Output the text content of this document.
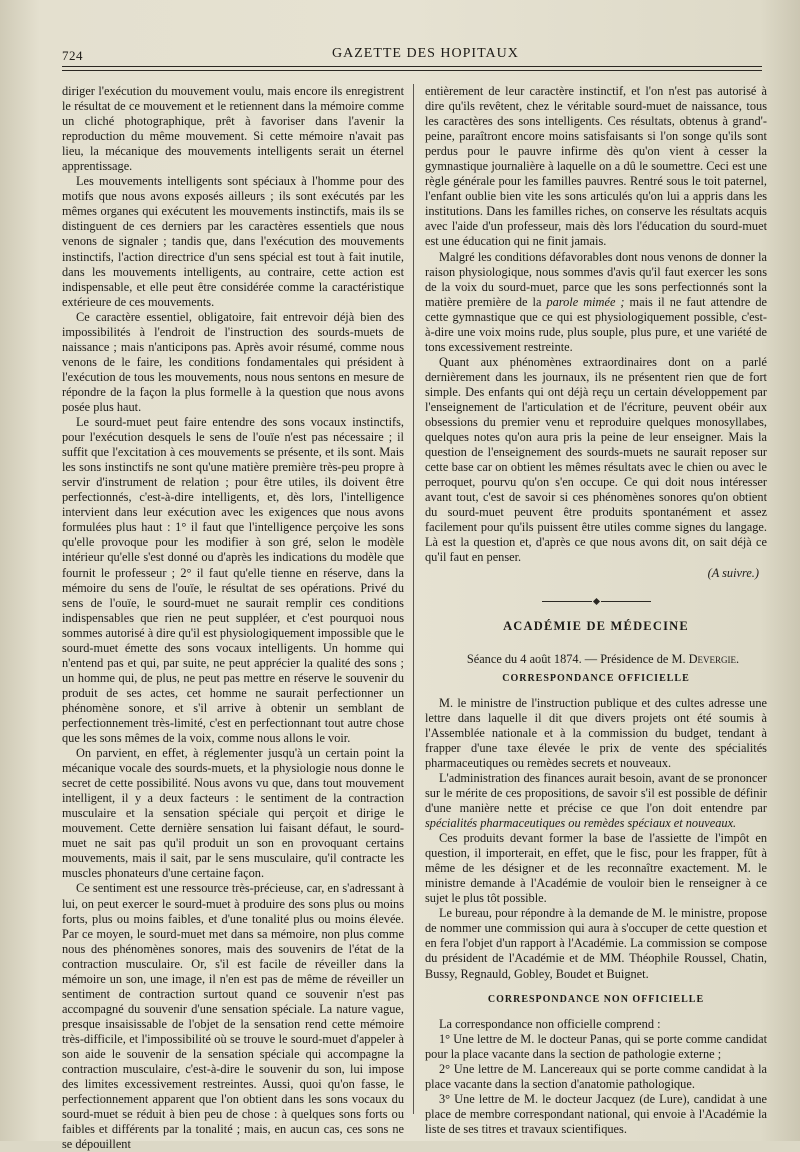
724	GAZETTE DES HOPITAUX

diriger l'exécution du mouvement voulu, mais encore ils enregistrent le résultat de ce mouvement et le retiennent dans la mémoire comme un cliché photographique, prêt à favoriser dans l'avenir la reproduction du même mouvement. Si cette mémoire n'avait pas lieu, la mécanique des mouvements intelligents serait un éternel apprentissage.

Les mouvements intelligents sont spéciaux à l'homme pour des motifs que nous avons exposés ailleurs ; ils sont exécutés par les mêmes organes qui exécutent les mouvements instinctifs, mais ils se distinguent de ces derniers par les caractères essentiels que nous venons de signaler ; tandis que, dans l'exécution des mouvements instinctifs, l'action directrice d'un sens spécial est tout à fait inutile, dans les mouvements intelligents, au contraire, cette action est indispensable, et elle peut être considérée comme la caractéristique extérieure de ces mouvements.

Ce caractère essentiel, obligatoire, fait entrevoir déjà bien des impossibilités à l'endroit de l'instruction des sourds-muets de naissance ; mais n'anticipons pas. Après avoir résumé, comme nous venons de le faire, les conditions fondamentales qui président à l'exécution de tous les mouvements, nous nous sentons en mesure de répondre de la façon la plus formelle à la question que nous avons posée plus haut.

Le sourd-muet peut faire entendre des sons vocaux instinctifs, pour l'exécution desquels le sens de l'ouïe n'est pas nécessaire ; il suffit que l'excitation à ces mouvements se présente, et ils sont. Mais les sons instinctifs ne sont qu'une matière première très-peu propre à servir d'instrument de relation ; pour être utiles, ils doivent être perfectionnés, c'est-à-dire intelligents, et, dès lors, l'intelligence intervient dans leur exécution avec les exigences que nous avons formulées plus haut : 1° il faut que l'intelligence perçoive les sons qu'elle provoque pour les modifier à son gré, selon le modèle intérieur qu'elle s'est donné ou d'après les indications du modèle que fournit le professeur ; 2° il faut qu'elle tienne en réserve, dans la mémoire du sens de l'ouïe, le résultat de ses opérations. Privé du sens de l'ouïe, le sourd-muet ne saurait remplir ces conditions indispensables que rien ne peut suppléer, et c'est pourquoi nous sommes autorisé à dire qu'il est physiologiquement impossible que le sourd-muet émette des sons vocaux intelligents. Un homme qui n'entend pas et qui, par suite, ne peut apprécier la qualité des sons ; un homme qui, de plus, ne peut pas mettre en réserve le souvenir du produit de ses actes, cet homme ne saurait perfectionner un phénomène sonore, et s'il arrive à obtenir un semblant de perfectionnement très-limité, c'est en perfectionnant tout autre chose que les sons mêmes de la voix, comme nous allons le voir.

On parvient, en effet, à réglementer jusqu'à un certain point la mécanique vocale des sourds-muets, et la physiologie nous donne le secret de cette possibilité. Nous avons vu que, dans tout mouvement intelligent, il y a deux facteurs : le sentiment de la contraction musculaire et la sensation spéciale qui perçoit et dirige le mouvement. Cette dernière sensation lui faisant défaut, le sourd-muet ne sait pas qu'il produit un son en provoquant certains mouvements, mais il sait, par le sens musculaire, qu'il contracte les muscles phonateurs d'une certaine façon.

Ce sentiment est une ressource très-précieuse, car, en s'adressant à lui, on peut exercer le sourd-muet à produire des sons plus ou moins forts, plus ou moins faibles, et d'une tonalité plus ou moins élevée. Par ce moyen, le sourd-muet met dans sa mémoire, non plus comme nous des phénomènes sonores, mais des souvenirs de l'état de la contraction musculaire. Or, s'il est facile de réveiller dans la mémoire un son, une image, il n'en est pas de même de réveiller un sentiment de contraction surtout quand ce souvenir n'est pas accompagné du souvenir d'une sensation spéciale. La nature vague, presque insaisissable de l'objet de la sensation rend cette mémoire très-difficile, et l'impossibilité où se trouve le sourd-muet d'appeler à son aide le souvenir de la sensation spéciale qui accompagne la contraction musculaire, c'est-à-dire le souvenir du son, lui impose des limites excessivement restreintes. Aussi, quoi qu'on fasse, le perfectionnement apparent que l'on obtient dans les sons vocaux du sourd-muet se réduit à bien peu de chose : à quelques sons forts ou faibles et différents par la tonalité ; mais, en aucun cas, ces sons ne se dépouillent

entièrement de leur caractère instinctif, et l'on n'est pas autorisé à dire qu'ils revêtent, chez le véritable sourd-muet de naissance, tous les caractères des sons intelligents. Ces résultats, obtenus à grand'-peine, paraîtront encore moins satisfaisants si l'on songe qu'ils sont perdus pour le pauvre infirme dès qu'on vient à cesser la gymnastique journalière à laquelle on a dû le soumettre. Ceci est une règle générale pour les familles pauvres. Rentré sous le toit paternel, l'enfant oublie bien vite les sons articulés qu'on lui a appris dans les institutions. Dans les familles riches, on conserve les résultats acquis avec l'aide d'un professeur, mais dès lors l'éducation du sourd-muet est une éducation qui ne finit jamais.

Malgré les conditions défavorables dont nous venons de donner la raison physiologique, nous sommes d'avis qu'il faut exercer les sons de la voix du sourd-muet, parce que les sons perfectionnés sont la matière première de la parole mimée ; mais il ne faut attendre de cette gymnastique que ce qui est physiologiquement possible, c'est-à-dire une voix moins rude, plus souple, plus pure, et une variété de tons excessivement restreinte.

Quant aux phénomènes extraordinaires dont on a parlé dernièrement dans les journaux, ils ne présentent rien que de fort simple. Des enfants qui ont déjà reçu un certain développement par l'enseignement de l'articulation et de l'écriture, peuvent obéir aux obsessions du premier venu et reproduire quelques monosyllabes, quelques notes qu'on aura pris la peine de leur enseigner. Mais la question de l'enseignement des sourds-muets ne saurait reposer sur cette base car on obtient les mêmes résultats avec le chien ou avec le perroquet, pourvu qu'on s'en occupe. Ce qui doit nous intéresser avant tout, c'est de savoir si ces phénomènes sonores qu'on obtient du sourd-muet peuvent être produits spontanément et assez facilement pour qu'ils puissent être utiles comme signes du langage. Là est la question et, d'après ce que nous avons dit, on sait déjà ce qu'il faut en penser.

(A suivre.)

ACADÉMIE DE MÉDECINE

Séance du 4 août 1874. — Présidence de M. Devergie.

CORRESPONDANCE OFFICIELLE

M. le ministre de l'instruction publique et des cultes adresse une lettre dans laquelle il dit que divers projets ont été soumis à l'Assemblée nationale et à la commission du budget, tendant à frapper d'une taxe élevée le prix de vente des spécialités pharmaceutiques ou remèdes secrets et nouveaux.

L'administration des finances aurait besoin, avant de se prononcer sur le mérite de ces propositions, de savoir s'il est possible de définir d'une manière nette et précise ce que l'on doit entendre par spécialités pharmaceutiques ou remèdes spéciaux et nouveaux.

Ces produits devant former la base de l'assiette de l'impôt en question, il importerait, en effet, que le fisc, pour les frapper, fût à même de les désigner et de les reconnaître exactement. M. le ministre demande à l'Académie de vouloir bien le renseigner à ce sujet le plus tôt possible.

Le bureau, pour répondre à la demande de M. le ministre, propose de nommer une commission qui aura à s'occuper de cette question et en fera l'objet d'un rapport à l'Académie. La commission se compose du président de l'Académie et de MM. Théophile Roussel, Chatin, Bussy, Regnauld, Gobley, Boudet et Buignet.

CORRESPONDANCE NON OFFICIELLE

La correspondance non officielle comprend :

1° Une lettre de M. le docteur Panas, qui se porte comme candidat pour la place vacante dans la section de pathologie externe ;

2° Une lettre de M. Lancereaux qui se porte comme candidat à la place vacante dans la section d'anatomie pathologique.

3° Une lettre de M. le docteur Jacquez (de Lure), candidat à une place de membre correspondant national, qui envoie à l'Académie la liste de ses titres et travaux scientifiques.
